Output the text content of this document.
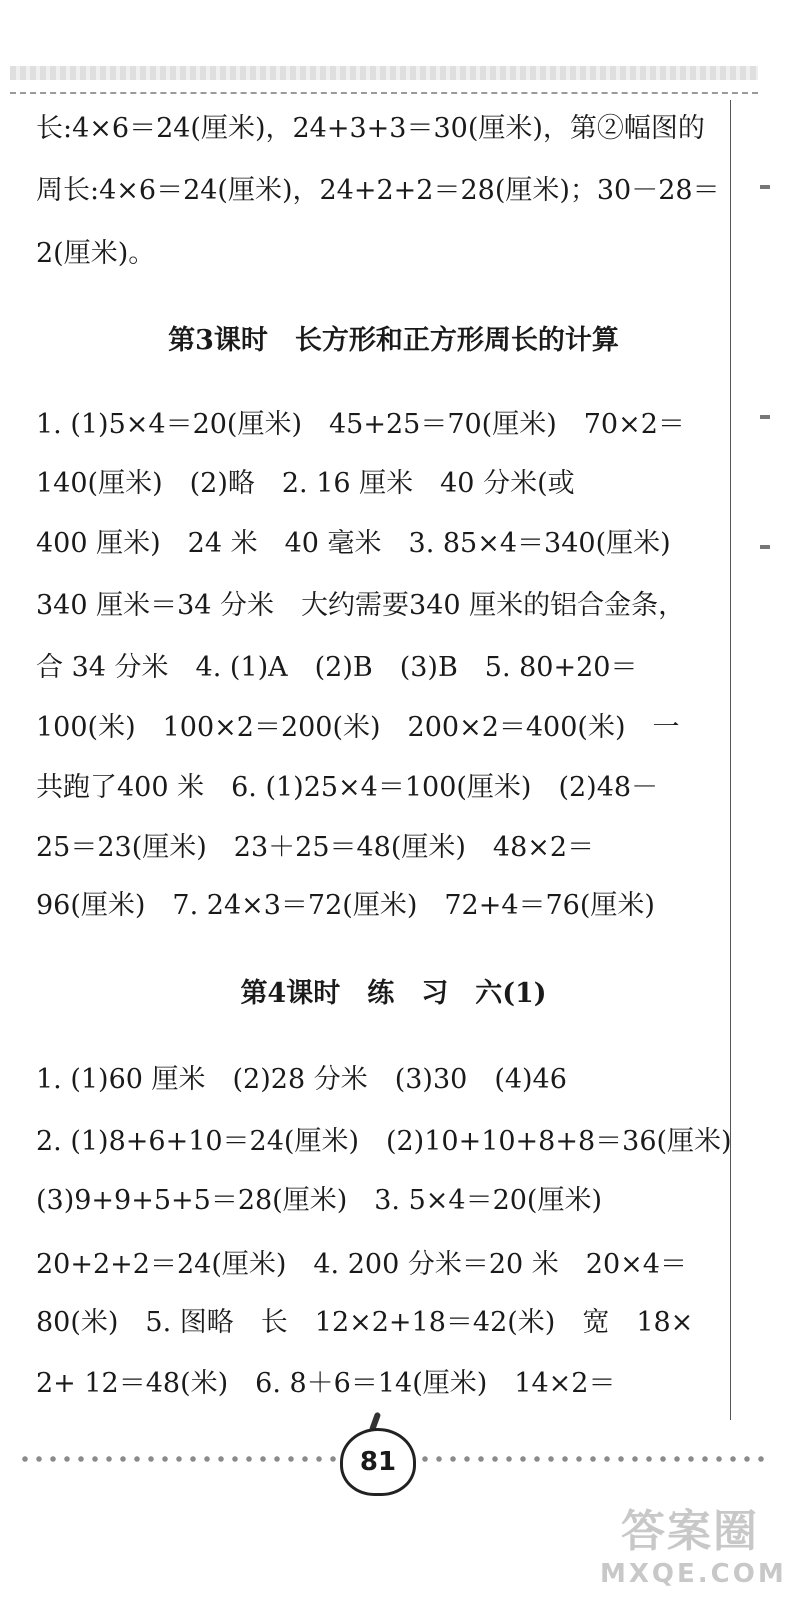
长:4×6＝24(厘米)，24+3+3＝30(厘米)，第②幅图的
周长:4×6＝24(厘米)，24+2+2＝28(厘米)；30－28＝
2(厘米)。
第3课时　长方形和正方形周长的计算
1. (1)5×4＝20(厘米)　45+25＝70(厘米)　70×2＝
140(厘米)　(2)略　2. 16 厘米　40 分米(或
400 厘米)　24 米　40 毫米　3. 85×4＝340(厘米)
340 厘米＝34 分米　大约需要340 厘米的铝合金条，
合 34 分米　4. (1)A　(2)B　(3)B　5. 80+20＝
100(米)　100×2＝200(米)　200×2＝400(米)　一
共跑了400 米　6. (1)25×4＝100(厘米)　(2)48－
25＝23(厘米)　23＋25＝48(厘米)　48×2＝
96(厘米)　7. 24×3＝72(厘米)　72+4＝76(厘米)
第4课时　练　习　六(1)
1. (1)60 厘米　(2)28 分米　(3)30　(4)46
2. (1)8+6+10＝24(厘米)　(2)10+10+8+8＝36(厘米)
(3)9+9+5+5＝28(厘米)　3. 5×4＝20(厘米)
20+2+2＝24(厘米)　4. 200 分米＝20 米　20×4＝
80(米)　5. 图略　长　12×2+18＝42(米)　宽　18×
2+ 12＝48(米)　6. 8＋6＝14(厘米)　14×2＝
81
答案圈
MXQE.COM
